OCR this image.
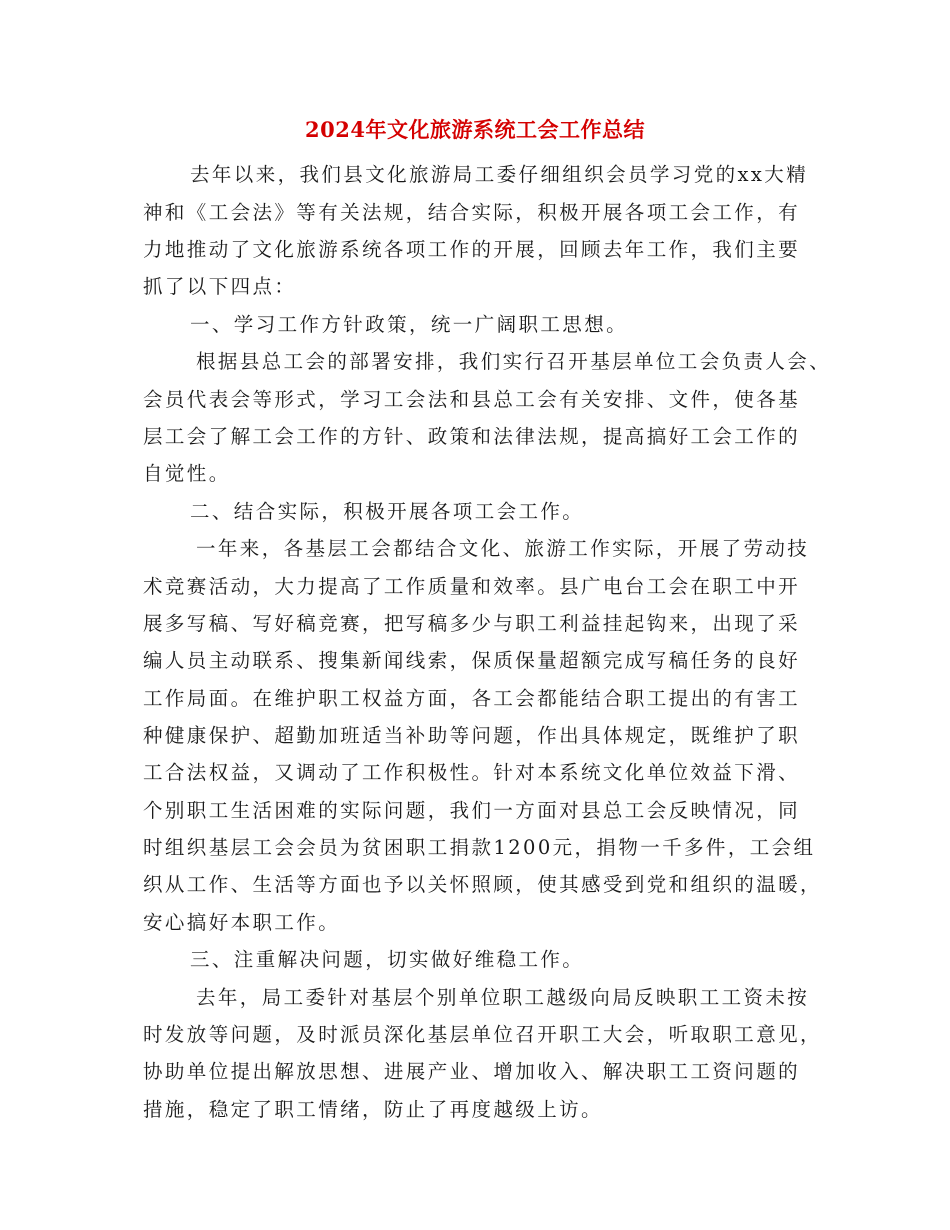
2024年文化旅游系统工会工作总结
去年以来，我们县文化旅游局工委仔细组织会员学习党的xx大精
神和《工会法》等有关法规，结合实际，积极开展各项工会工作，有
力地推动了文化旅游系统各项工作的开展，回顾去年工作，我们主要
抓了以下四点：
一、学习工作方针政策，统一广阔职工思想。
根据县总工会的部署安排，我们实行召开基层单位工会负责人会、
会员代表会等形式，学习工会法和县总工会有关安排、文件，使各基
层工会了解工会工作的方针、政策和法律法规，提高搞好工会工作的
自觉性。
二、结合实际，积极开展各项工会工作。
一年来，各基层工会都结合文化、旅游工作实际，开展了劳动技
术竞赛活动，大力提高了工作质量和效率。县广电台工会在职工中开
展多写稿、写好稿竞赛，把写稿多少与职工利益挂起钩来，出现了采
编人员主动联系、搜集新闻线索，保质保量超额完成写稿任务的良好
工作局面。在维护职工权益方面，各工会都能结合职工提出的有害工
种健康保护、超勤加班适当补助等问题，作出具体规定，既维护了职
工合法权益，又调动了工作积极性。针对本系统文化单位效益下滑、
个别职工生活困难的实际问题，我们一方面对县总工会反映情况，同
时组织基层工会会员为贫困职工捐款1200元，捐物一千多件，工会组
织从工作、生活等方面也予以关怀照顾，使其感受到党和组织的温暖，
安心搞好本职工作。
三、注重解决问题，切实做好维稳工作。
去年，局工委针对基层个别单位职工越级向局反映职工工资未按
时发放等问题，及时派员深化基层单位召开职工大会，听取职工意见，
协助单位提出解放思想、进展产业、增加收入、解决职工工资问题的
措施，稳定了职工情绪，防止了再度越级上访。
